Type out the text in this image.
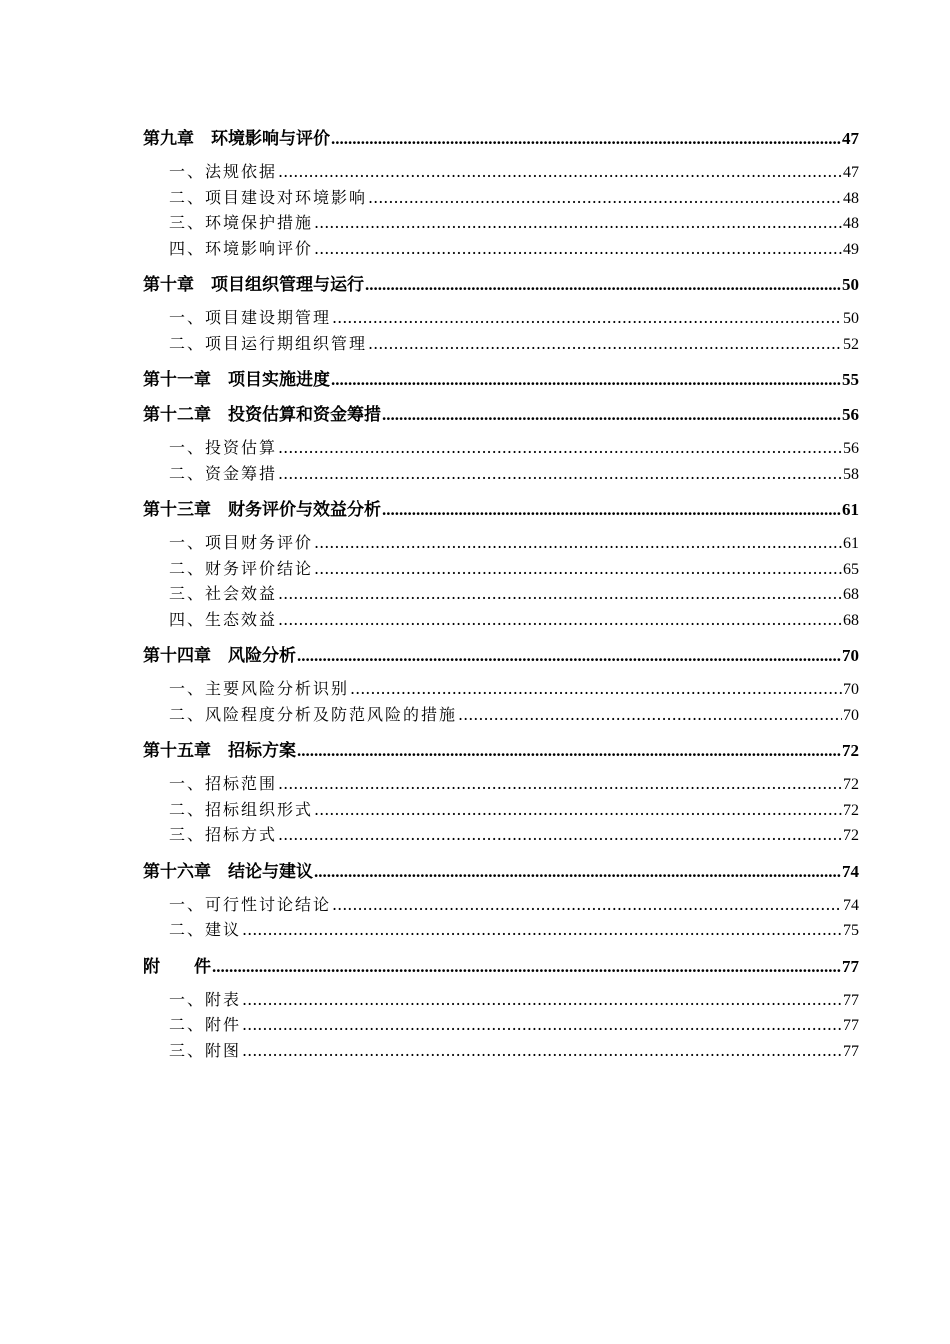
第九章　环境影响与评价 .....	47
一、法规依据 .....	47
二、项目建设对环境影响 .....	48
三、环境保护措施 .....	48
四、环境影响评价 .....	49
第十章　项目组织管理与运行 .....	50
一、项目建设期管理 .....	50
二、项目运行期组织管理 .....	52
第十一章　项目实施进度 .....	55
第十二章　投资估算和资金筹措 .....	56
一、投资估算 .....	56
二、资金筹措 .....	58
第十三章　财务评价与效益分析 .....	61
一、项目财务评价 .....	61
二、财务评价结论 .....	65
三、社会效益 .....	68
四、生态效益 .....	68
第十四章　风险分析 .....	70
一、主要风险分析识别 .....	70
二、风险程度分析及防范风险的措施 .....	70
第十五章　招标方案 .....	72
一、招标范围 .....	72
二、招标组织形式 .....	72
三、招标方式 .....	72
第十六章　结论与建议 .....	74
一、可行性讨论结论 .....	74
二、建议 .....	75
附　　件 .....	77
一、附表 .....	77
二、附件 .....	77
三、附图 .....	77
